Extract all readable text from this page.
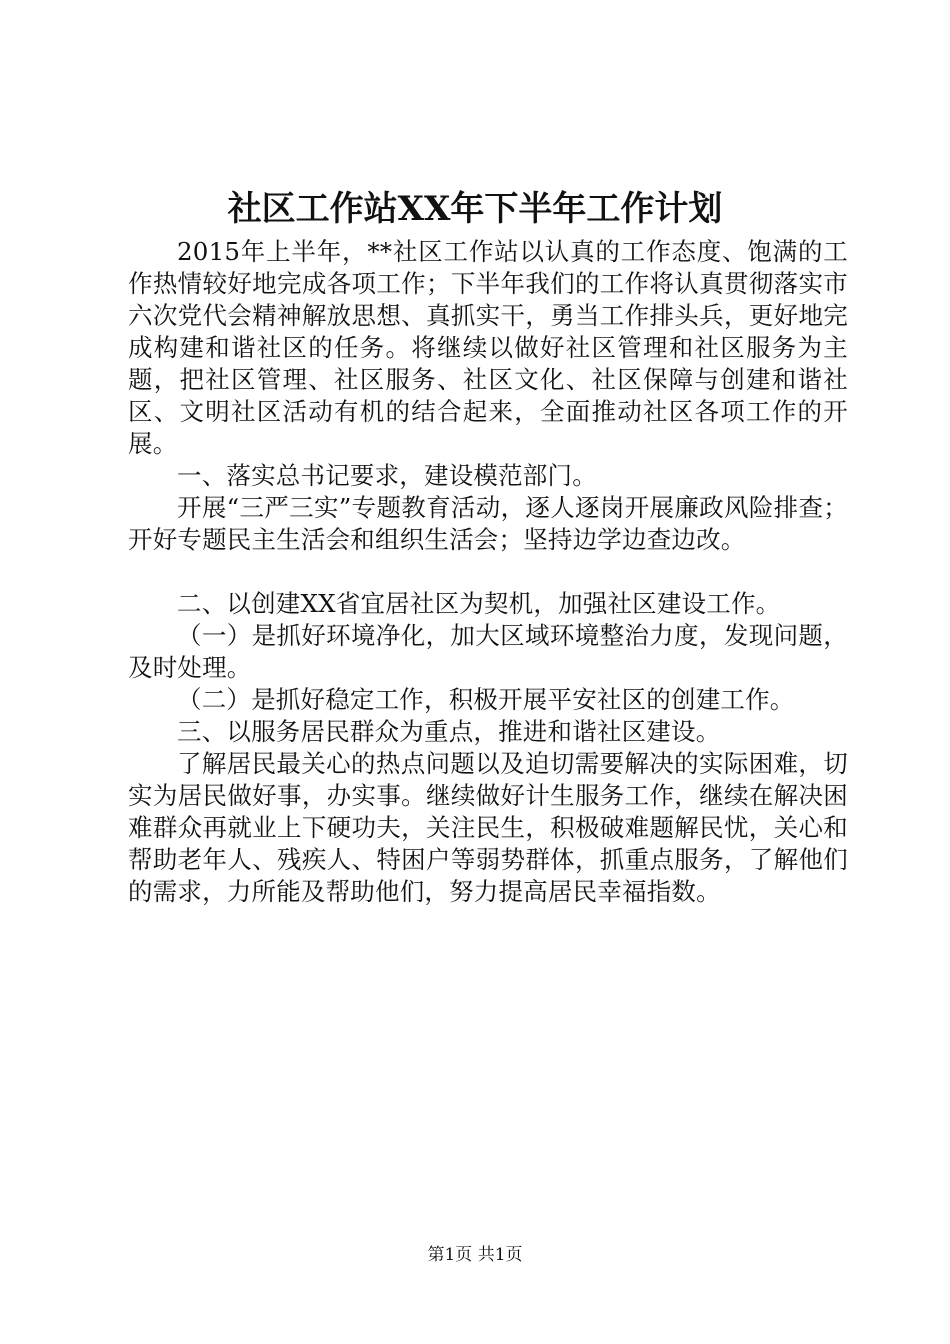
社区工作站XX年下半年工作计划

2015年上半年，**社区工作站以认真的工作态度、饱满的工作热情较好地完成各项工作；下半年我们的工作将认真贯彻落实市六次党代会精神解放思想、真抓实干，勇当工作排头兵，更好地完成构建和谐社区的任务。将继续以做好社区管理和社区服务为主题，把社区管理、社区服务、社区文化、社区保障与创建和谐社区、文明社区活动有机的结合起来，全面推动社区各项工作的开展。

一、落实总书记要求，建设模范部门。

开展“三严三实”专题教育活动，逐人逐岗开展廉政风险排查；开好专题民主生活会和组织生活会；坚持边学边查边改。

二、以创建XX省宜居社区为契机，加强社区建设工作。

（一）是抓好环境净化，加大区域环境整治力度，发现问题，及时处理。

（二）是抓好稳定工作，积极开展平安社区的创建工作。

三、以服务居民群众为重点，推进和谐社区建设。

了解居民最关心的热点问题以及迫切需要解决的实际困难，切实为居民做好事，办实事。继续做好计生服务工作，继续在解决困难群众再就业上下硬功夫，关注民生，积极破难题解民忧，关心和帮助老年人、残疾人、特困户等弱势群体，抓重点服务，了解他们的需求，力所能及帮助他们，努力提高居民幸福指数。

第1页 共1页
